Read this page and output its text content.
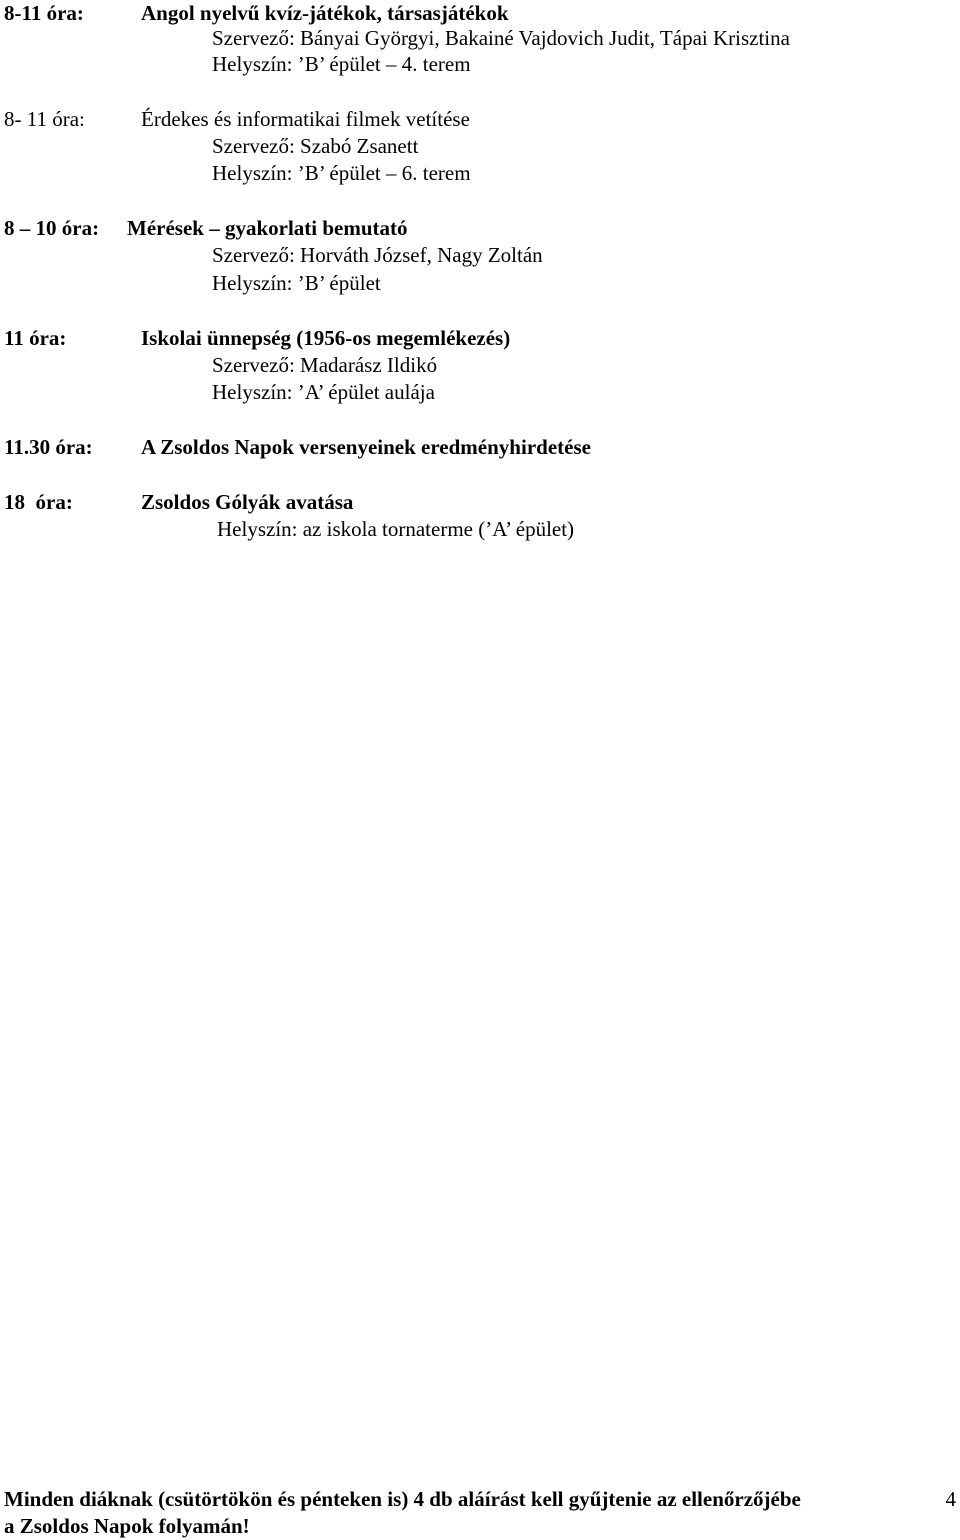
8-11 óra:	Angol nyelvű kvíz-játékok, társasjátékok
Szervező: Bányai Györgyi, Bakainé Vajdovich Judit, Tápai Krisztina
Helyszín: ’B’ épület – 4. terem
8- 11 óra:	Érdekes és informatikai filmek vetítése
Szervező: Szabó Zsanett
Helyszín: ’B’ épület – 6. terem
8 – 10 óra: Mérések – gyakorlati bemutató
Szervező: Horváth József, Nagy Zoltán
Helyszín: ’B’ épület
11 óra:	Iskolai ünnepség (1956-os megemlékezés)
Szervező: Madarász Ildikó
Helyszín: ’A’ épület aulája
11.30 óra: A Zsoldos Napok versenyeinek eredményhirdetése
18  óra:	Zsoldos Gólyák avatása
Helyszín: az iskola tornaterme (’A’ épület)
Minden diáknak (csütörtökön és pénteken is) 4 db aláírást kell gyűjtenie az ellenőrzőjébe
a Zsoldos Napok folyamán!
4
